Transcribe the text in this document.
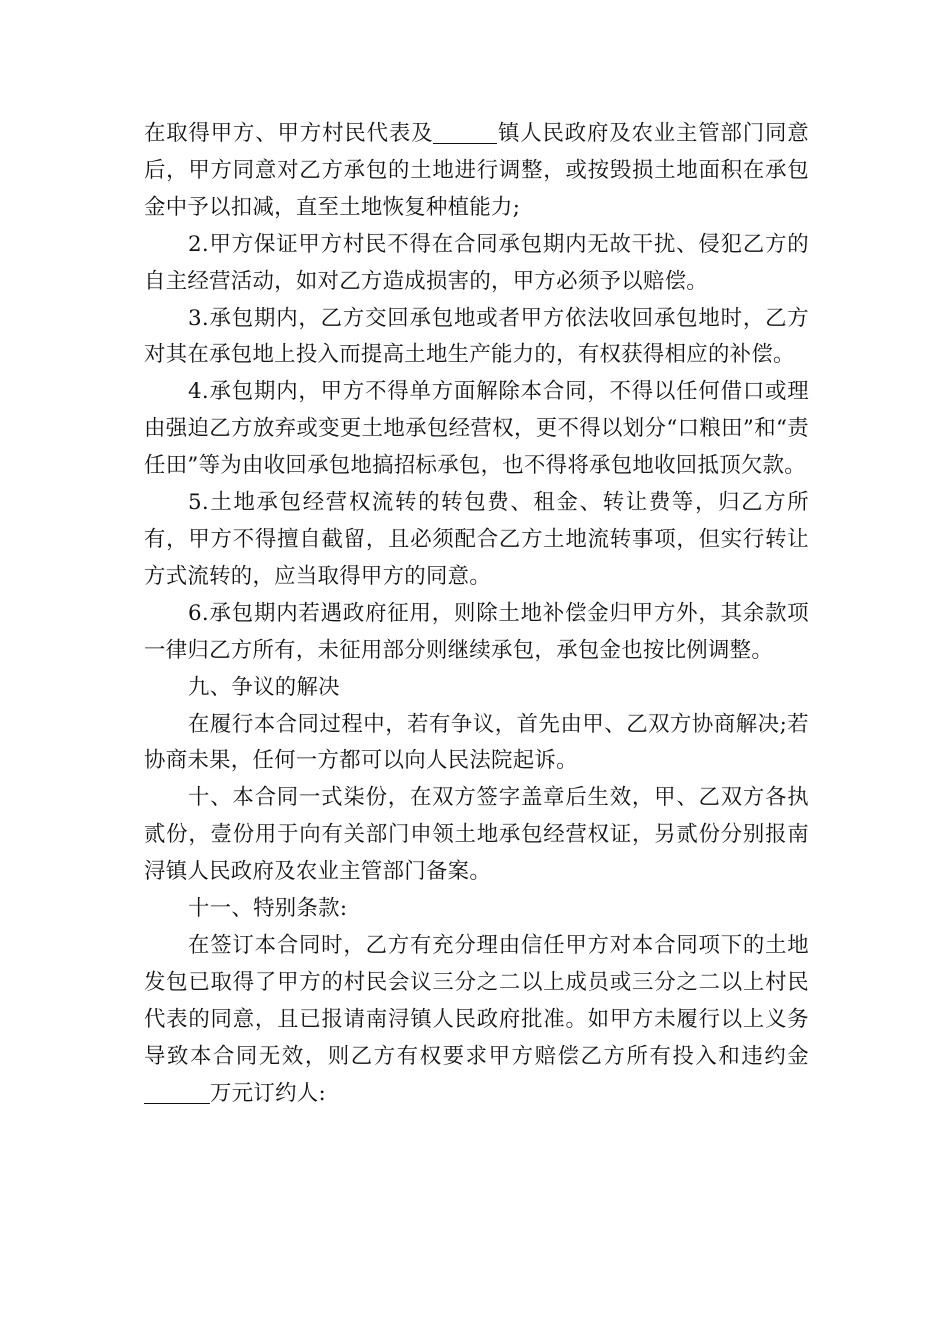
在取得甲方、甲方村民代表及	镇人民政府及农业主管部门同意后，甲方同意对乙方承包的土地进行调整，或按毁损土地面积在承包金中予以扣减，直至土地恢复种植能力;

2.甲方保证甲方村民不得在合同承包期内无故干扰、侵犯乙方的自主经营活动，如对乙方造成损害的，甲方必须予以赔偿。

3.承包期内，乙方交回承包地或者甲方依法收回承包地时，乙方对其在承包地上投入而提高土地生产能力的，有权获得相应的补偿。

4.承包期内，甲方不得单方面解除本合同，不得以任何借口或理由强迫乙方放弃或变更土地承包经营权，更不得以划分“口粮田”和“责任田”等为由收回承包地搞招标承包，也不得将承包地收回抵顶欠款。

5.土地承包经营权流转的转包费、租金、转让费等，归乙方所有，甲方不得擅自截留，且必须配合乙方土地流转事项，但实行转让方式流转的，应当取得甲方的同意。

6.承包期内若遇政府征用，则除土地补偿金归甲方外，其余款项一律归乙方所有，未征用部分则继续承包，承包金也按比例调整。

九、争议的解决

在履行本合同过程中，若有争议，首先由甲、乙双方协商解决;若协商未果，任何一方都可以向人民法院起诉。

十、本合同一式柒份，在双方签字盖章后生效，甲、乙双方各执贰份，壹份用于向有关部门申领土地承包经营权证，另贰份分别报南浔镇人民政府及农业主管部门备案。

十一、特别条款:

在签订本合同时，乙方有充分理由信任甲方对本合同项下的土地发包已取得了甲方的村民会议三分之二以上成员或三分之二以上村民代表的同意，且已报请南浔镇人民政府批准。如甲方未履行以上义务导致本合同无效，则乙方有权要求甲方赔偿乙方所有投入和违约金万元订约人:
